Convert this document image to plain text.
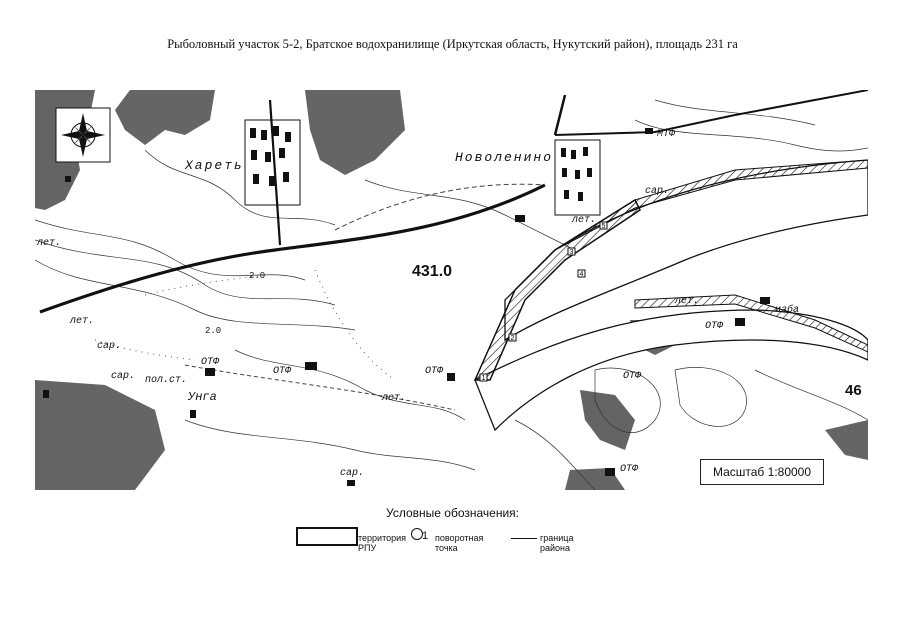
Рыболовный участок 5-2, Братское водохранилище (Иркутская область, Нукутский район), площадь 231 га
1
2
3
4
5
Хареть
Новоленино
431.0
46
МТФ
ОТФ
ОТФ	ОТФ
ОТФ
ОТФ
ОТФ
сар.
сар.
сар.
сар.
лет.
лет.
лет.
лет.
лет.
пол.ст.
Унга
изба
2.0
2.0
Масштаб 1:80000
Условные обозначения:
территория РПУ
1 поворотная точка
граница района
